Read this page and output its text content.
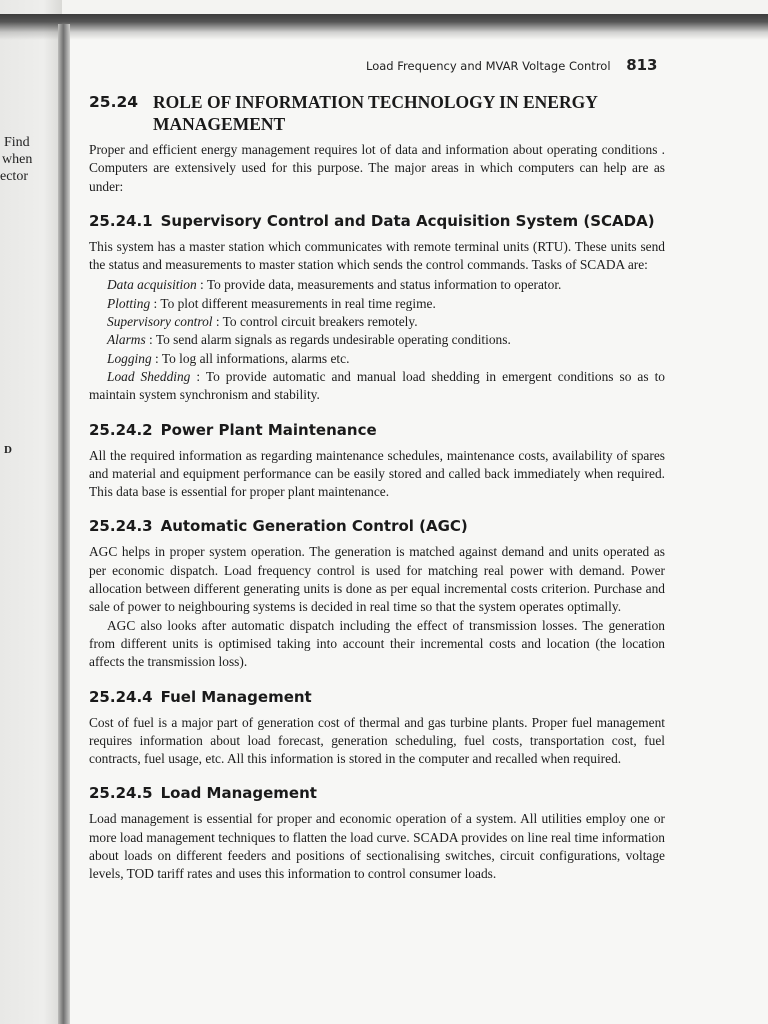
Find
when
ector
D
Load Frequency and MVAR Voltage Control 813
25.24 ROLE OF INFORMATION TECHNOLOGY IN ENERGY
MANAGEMENT

Proper and efficient energy management requires lot of data and information about operating conditions . Computers are extensively used for this purpose. The major areas in which computers can help are as under:

25.24.1 Supervisory Control and Data Acquisition System (SCADA)

This system has a master station which communicates with remote terminal units (RTU). These units send the status and measurements to master station which sends the control commands. Tasks of SCADA are:

Data acquisition : To provide data, measurements and status information to operator.
Plotting : To plot different measurements in real time regime.
Supervisory control : To control circuit breakers remotely.
Alarms : To send alarm signals as regards undesirable operating conditions.
Logging : To log all informations, alarms etc.
Load Shedding : To provide automatic and manual load shedding in emergent conditions so as to maintain system synchronism and stability.
25.24.2 Power Plant Maintenance

All the required information as regarding maintenance schedules, maintenance costs, availability of spares and material and equipment performance can be easily stored and called back immediately when required. This data base is essential for proper plant maintenance.

25.24.3 Automatic Generation Control (AGC)

AGC helps in proper system operation. The generation is matched against demand and units operated as per economic dispatch. Load frequency control is used for matching real power with demand. Power allocation between different generating units is done as per equal incremental costs criterion. Purchase and sale of power to neighbouring systems is decided in real time so that the system operates optimally.

AGC also looks after automatic dispatch including the effect of transmission losses. The generation from different units is optimised taking into account their incremental costs and location (the location affects the transmission loss).

25.24.4 Fuel Management

Cost of fuel is a major part of generation cost of thermal and gas turbine plants. Proper fuel management requires information about load forecast, generation scheduling, fuel costs, transportation cost, fuel contracts, fuel usage, etc. All this information is stored in the computer and recalled when required.

25.24.5 Load Management

Load management is essential for proper and economic operation of a system. All utilities employ one or more load management techniques to flatten the load curve. SCADA provides on line real time information about loads on different feeders and positions of sectionalising switches, circuit configurations, voltage levels, TOD tariff rates and uses this information to control consumer loads.
